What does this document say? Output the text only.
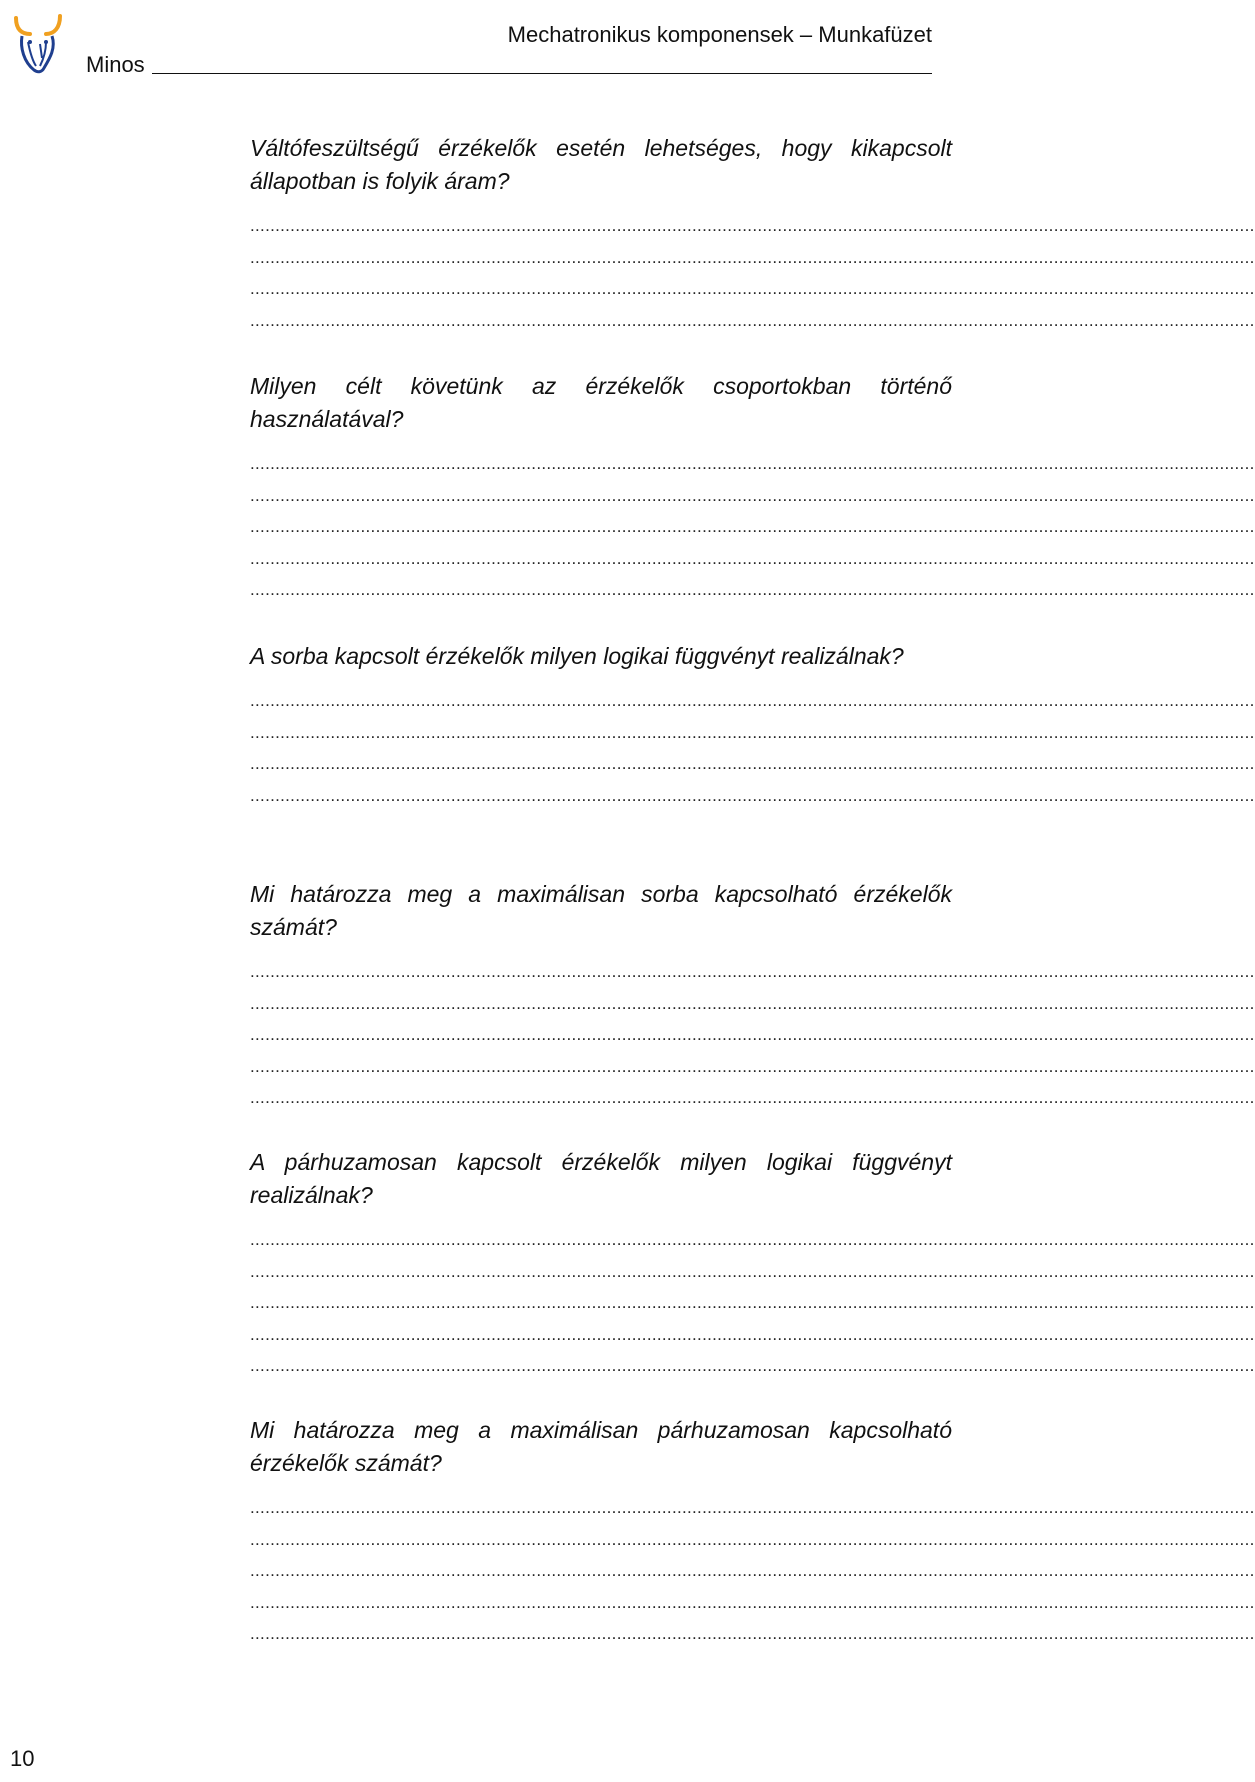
Minos
Mechatronikus komponensek – Munkafüzet

Váltófeszültségű érzékelők esetén lehetséges, hogy kikapcsolt állapotban is folyik áram?

........................................................................................................................................................................................................
........................................................................................................................................................................................................
........................................................................................................................................................................................................
........................................................................................................................................................................................................

Milyen célt követünk az érzékelők csoportokban történő használatával?

........................................................................................................................................................................................................
........................................................................................................................................................................................................
........................................................................................................................................................................................................
........................................................................................................................................................................................................
........................................................................................................................................................................................................

A sorba kapcsolt érzékelők milyen logikai függvényt realizálnak?

........................................................................................................................................................................................................
........................................................................................................................................................................................................
........................................................................................................................................................................................................
........................................................................................................................................................................................................

Mi határozza meg a maximálisan sorba kapcsolható érzékelők számát?

........................................................................................................................................................................................................
........................................................................................................................................................................................................
........................................................................................................................................................................................................
........................................................................................................................................................................................................
........................................................................................................................................................................................................

A párhuzamosan kapcsolt érzékelők milyen logikai függvényt realizálnak?

........................................................................................................................................................................................................
........................................................................................................................................................................................................
........................................................................................................................................................................................................
........................................................................................................................................................................................................
........................................................................................................................................................................................................

Mi határozza meg a maximálisan párhuzamosan kapcsolható érzékelők számát?

........................................................................................................................................................................................................
........................................................................................................................................................................................................
........................................................................................................................................................................................................
........................................................................................................................................................................................................
........................................................................................................................................................................................................
10
